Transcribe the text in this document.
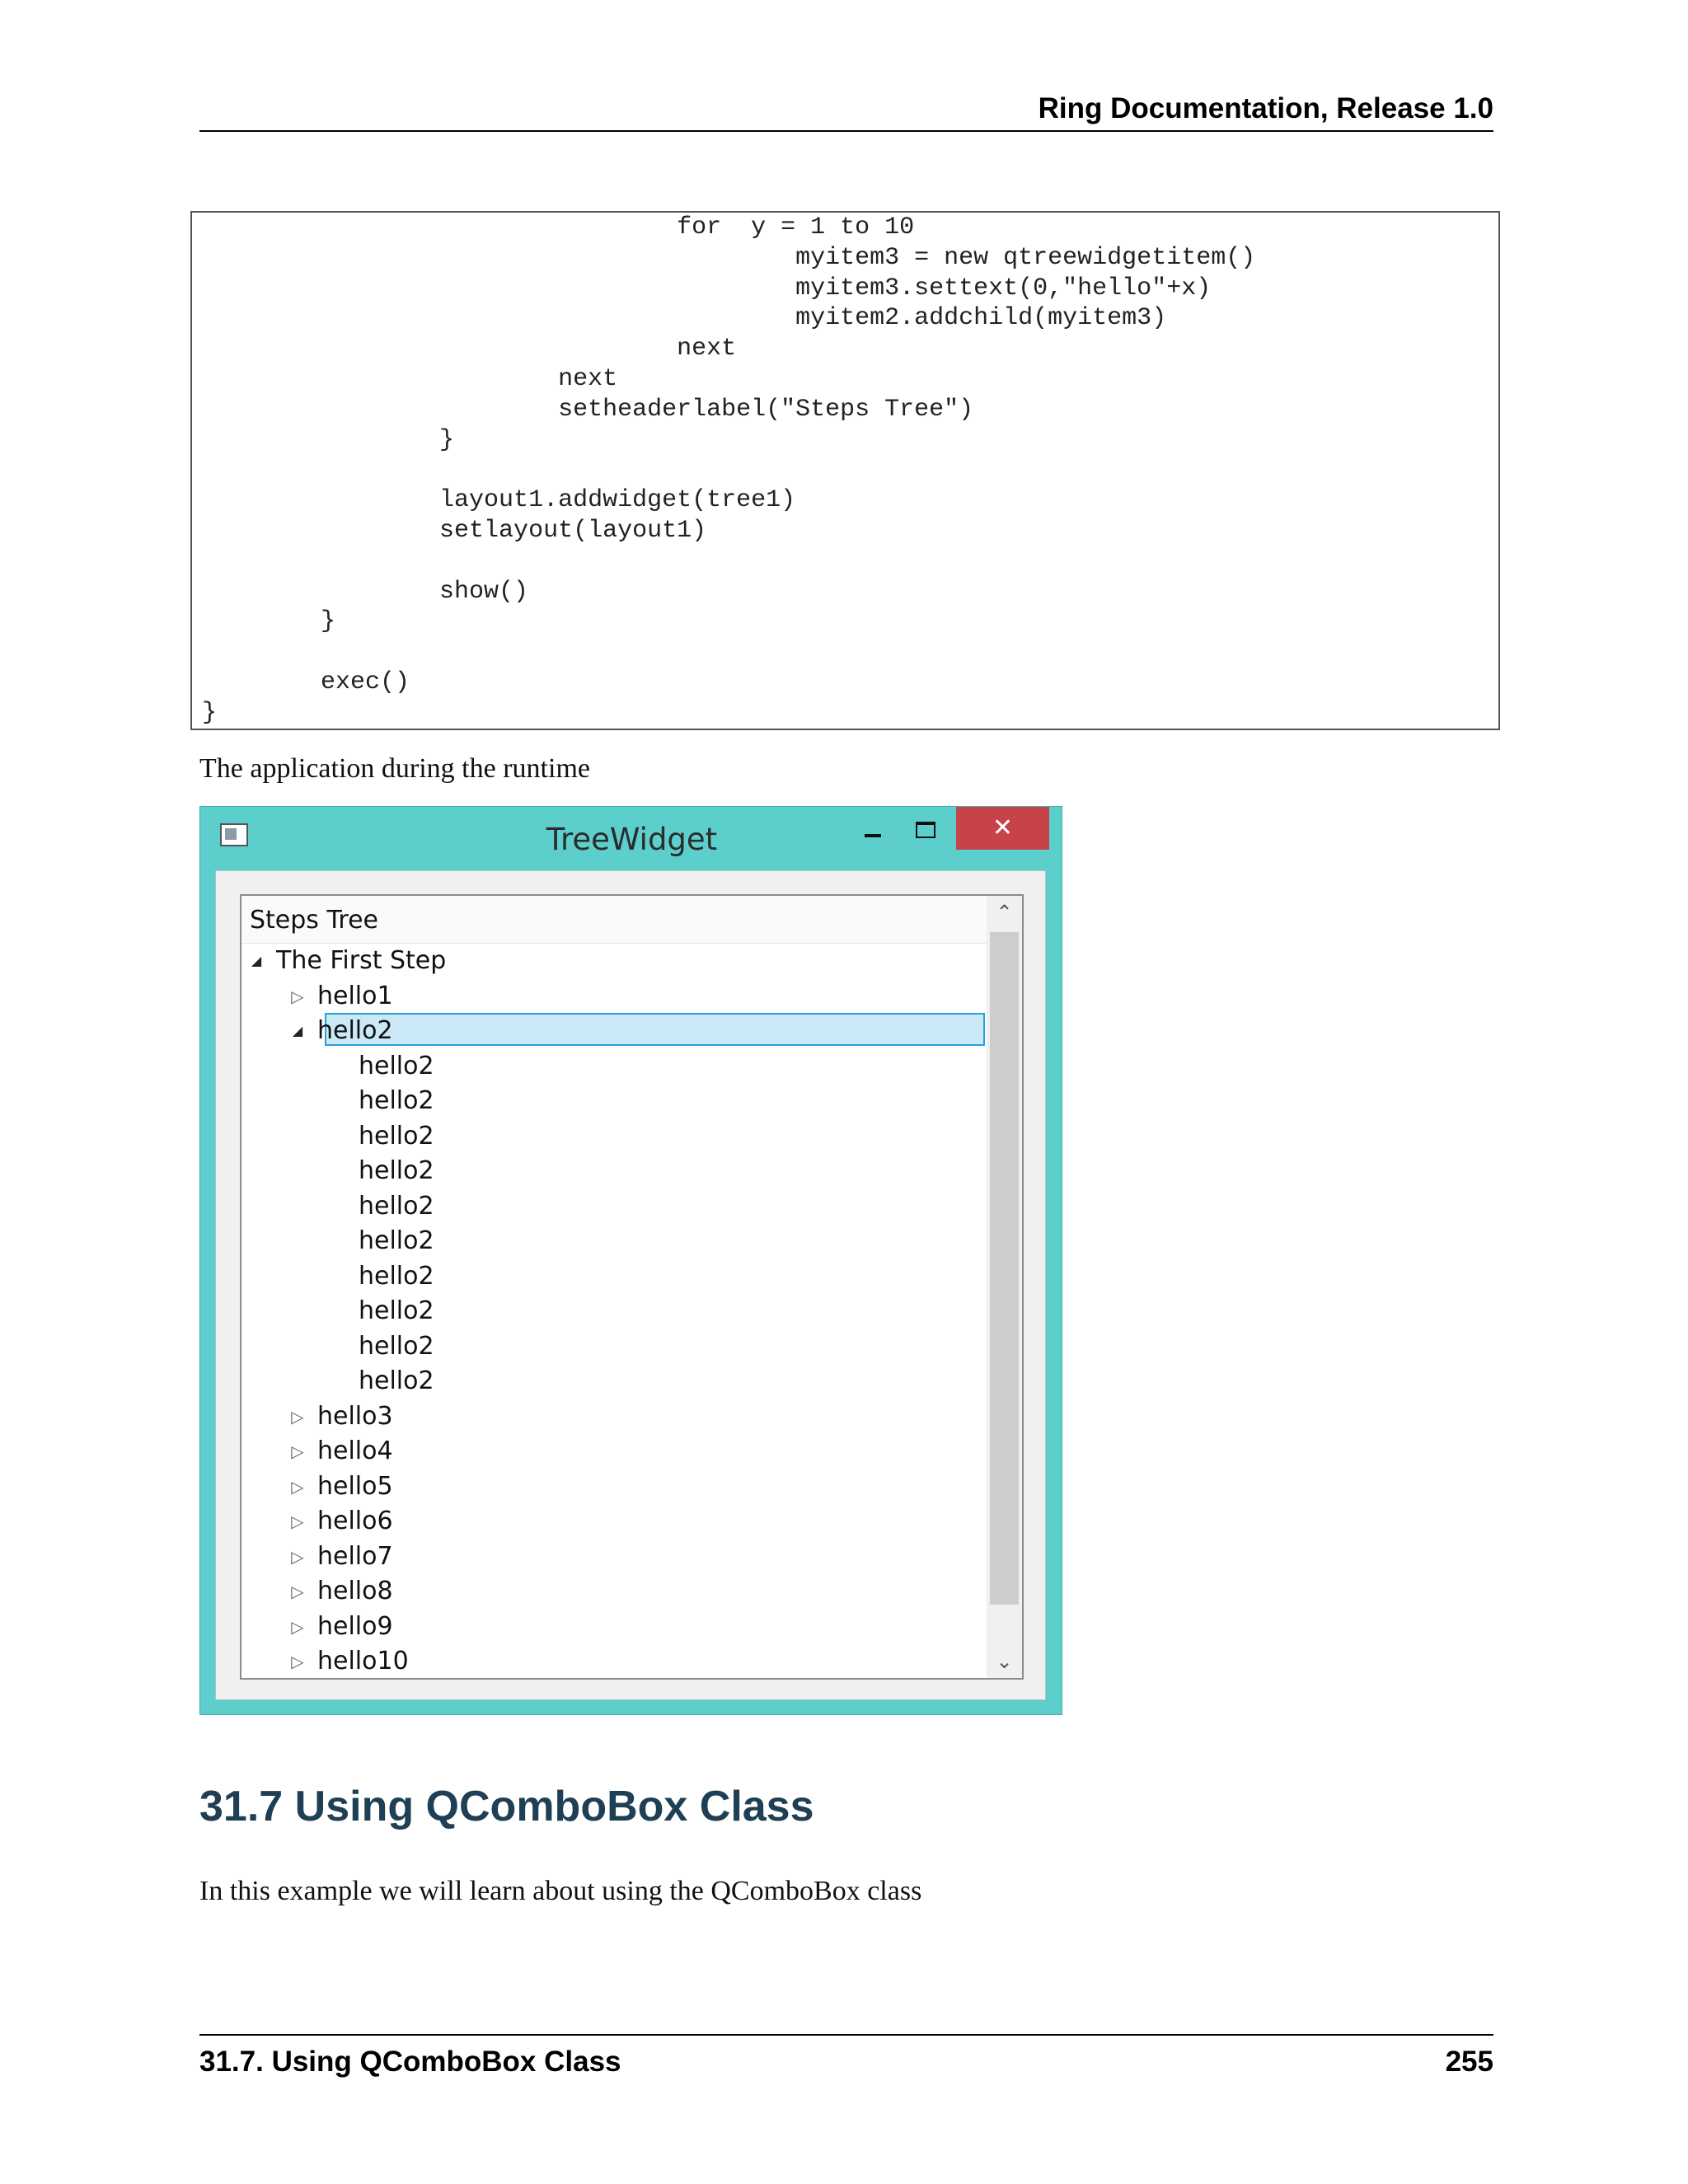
Ring Documentation, Release 1.0
for  y = 1 to 10
myitem3 = new qtreewidgetitem()
myitem3.settext(0,"hello"+x)
myitem2.addchild(myitem3)
next
next
setheaderlabel("Steps Tree")
}

layout1.addwidget(tree1)
setlayout(layout1)

show()
}

exec()
}
The application during the runtime
TreeWidget	✕
Steps Tree
◢ The First Step
▷ hello1
◢ hello2
hello2
hello2
hello2
hello2
hello2
hello2
hello2
hello2
hello2
hello2
▷ hello3
▷ hello4
▷ hello5
▷ hello6
▷ hello7
▷ hello8
▷ hello9
▷ hello10
⌃
⌄
31.7 Using QComboBox Class
In this example we will learn about using the QComboBox class
31.7. Using QComboBox Class	255
